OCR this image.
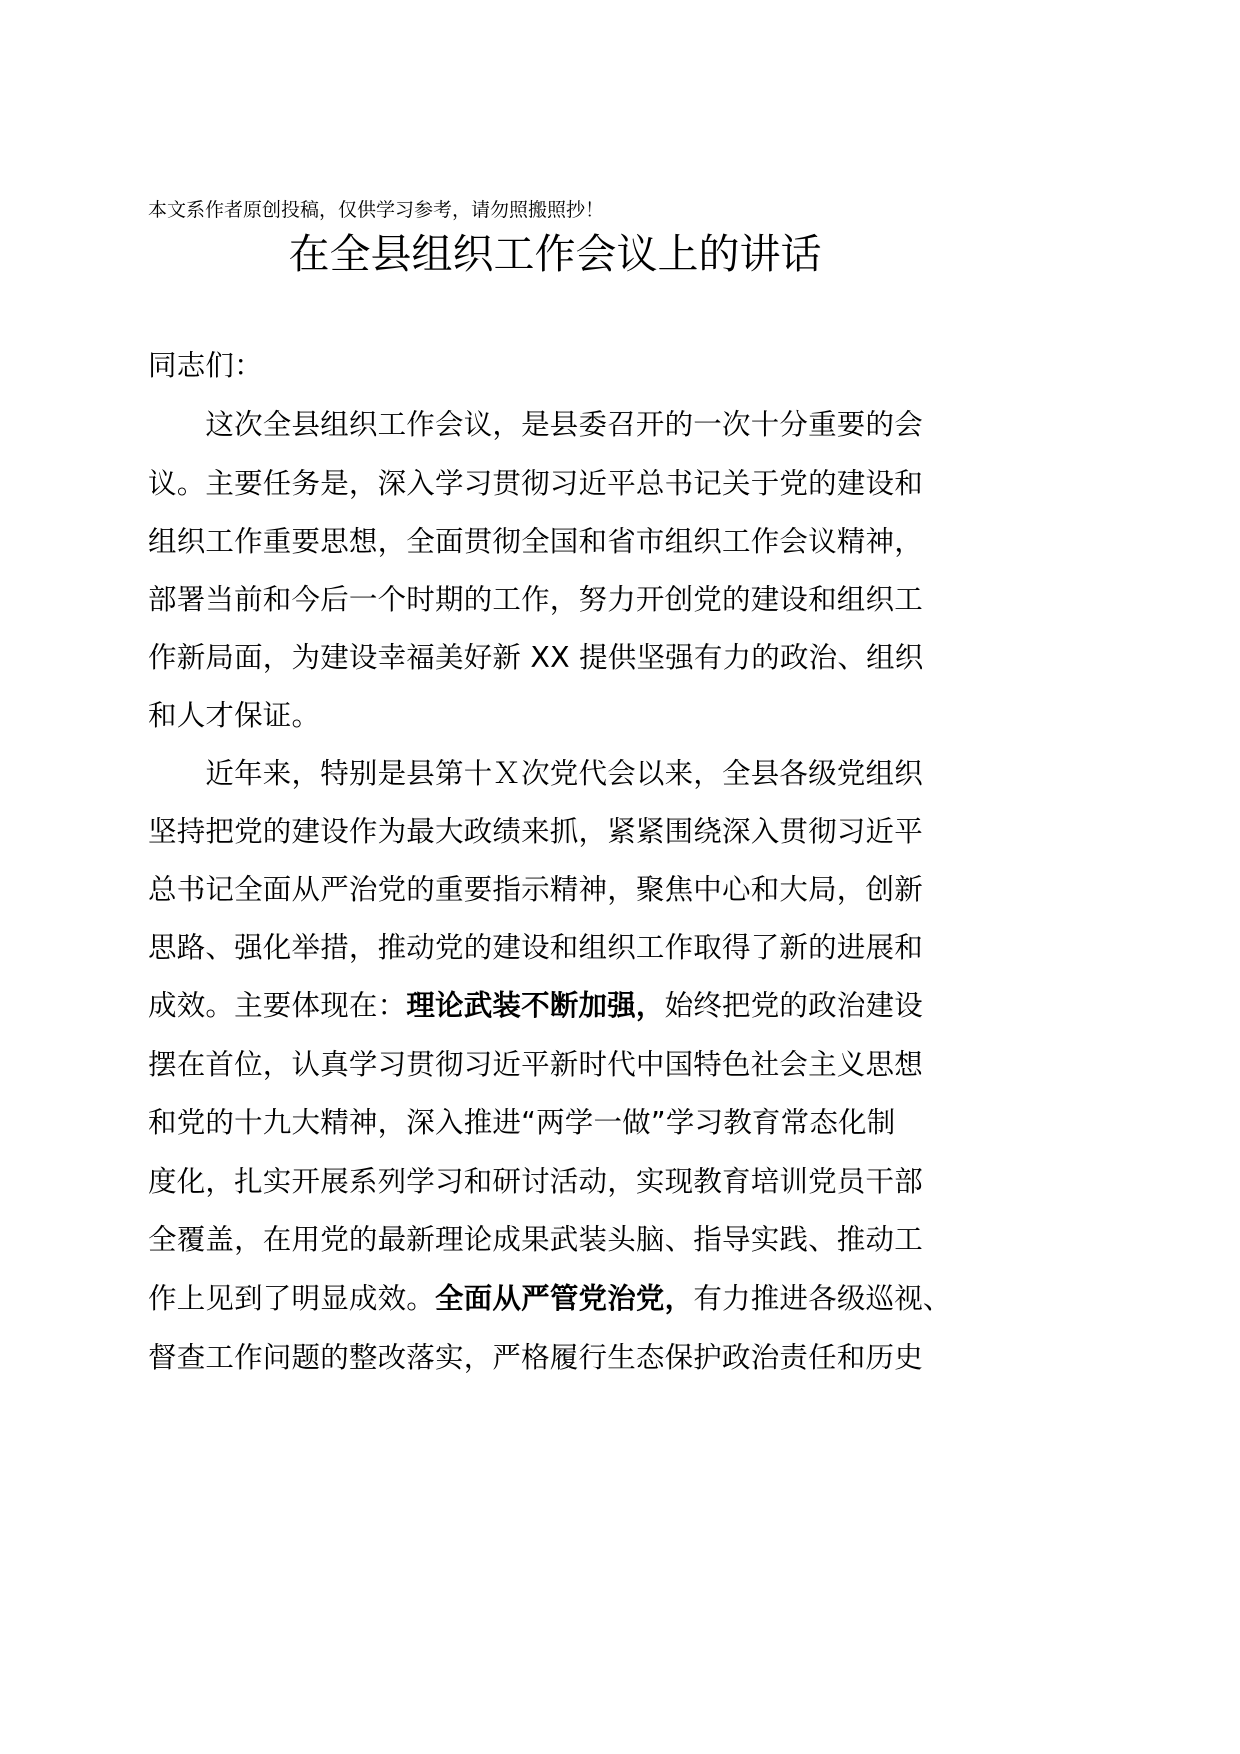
本文系作者原创投稿，仅供学习参考，请勿照搬照抄！
在全县组织工作会议上的讲话
同志们：
　　这次全县组织工作会议，是县委召开的一次十分重要的会
议。主要任务是，深入学习贯彻习近平总书记关于党的建设和
组织工作重要思想，全面贯彻全国和省市组织工作会议精神，
部署当前和今后一个时期的工作，努力开创党的建设和组织工
作新局面，为建设幸福美好新 XX 提供坚强有力的政治、组织
和人才保证。
　　近年来，特别是县第十Ｘ次党代会以来，全县各级党组织
坚持把党的建设作为最大政绩来抓，紧紧围绕深入贯彻习近平
总书记全面从严治党的重要指示精神，聚焦中心和大局，创新
思路、强化举措，推动党的建设和组织工作取得了新的进展和
成效。主要体现在：理论武装不断加强，始终把党的政治建设
摆在首位，认真学习贯彻习近平新时代中国特色社会主义思想
和党的十九大精神，深入推进“两学一做”学习教育常态化制
度化，扎实开展系列学习和研讨活动，实现教育培训党员干部
全覆盖，在用党的最新理论成果武装头脑、指导实践、推动工
作上见到了明显成效。全面从严管党治党，有力推进各级巡视、
督查工作问题的整改落实，严格履行生态保护政治责任和历史
